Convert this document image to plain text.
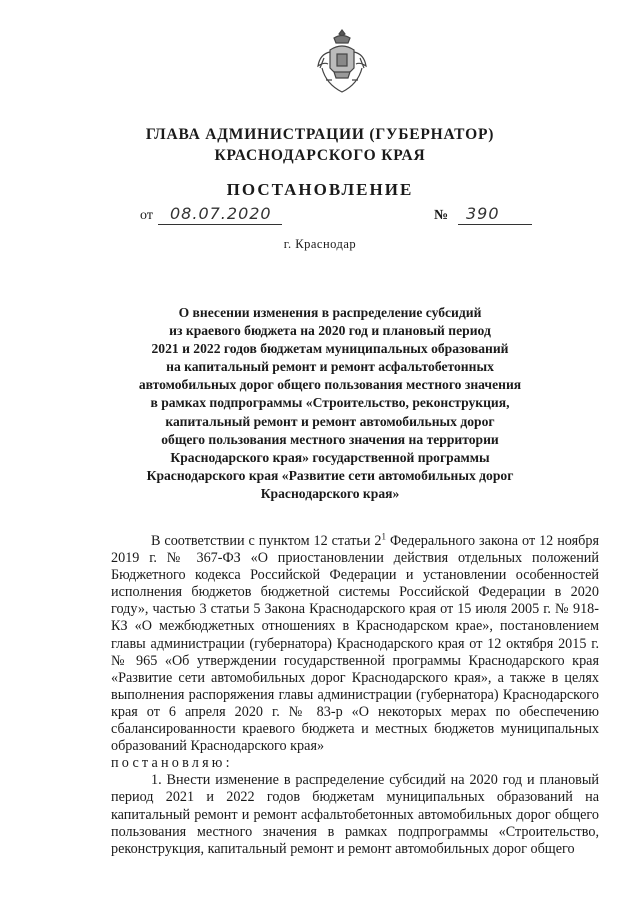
ГЛАВА АДМИНИСТРАЦИИ (ГУБЕРНАТОР)
КРАСНОДАРСКОГО КРАЯ
ПОСТАНОВЛЕНИЕ
от 08.07.2020	№ 390
г. Краснодар
О внесении изменения в распределение субсидий
из краевого бюджета на 2020 год и плановый период
2021 и 2022 годов бюджетам муниципальных образований
на капитальный ремонт и ремонт асфальтобетонных
автомобильных дорог общего пользования местного значения
в рамках подпрограммы «Строительство, реконструкция,
капитальный ремонт и ремонт автомобильных дорог
общего пользования местного значения на территории
Краснодарского края» государственной программы
Краснодарского края «Развитие сети автомобильных дорог
Краснодарского края»

В соответствии с пунктом 12 статьи $2^1$ Федерального закона от 12 ноября 2019 г. № 367-ФЗ «О приостановлении действия отдельных положений Бюджетного кодекса Российской Федерации и установлении особенностей исполнения бюджетов бюджетной системы Российской Федерации в 2020 году», частью 3 статьи 5 Закона Краснодарского края от 15 июля 2005 г. № 918-КЗ «О межбюджетных отношениях в Краснодарском крае», постановлением главы администрации (губернатора) Краснодарского края от 12 октября 2015 г. № 965 «Об утверждении государственной программы Краснодарского края «Развитие сети автомобильных дорог Краснодарского края», а также в целях выполнения распоряжения главы администрации (губернатора) Краснодарского края от 6 апреля 2020 г. № 83-р «О некоторых мерах по обеспечению сбалансированности краевого бюджета и местных бюджетов муниципальных образований Краснодарского края»

постановляю:

1. Внести изменение в распределение субсидий на 2020 год и плановый период 2021 и 2022 годов бюджетам муниципальных образований на капитальный ремонт и ремонт асфальтобетонных автомобильных дорог общего пользования местного значения в рамках подпрограммы «Строительство, реконструкция, капитальный ремонт и ремонт автомобильных дорог общего
